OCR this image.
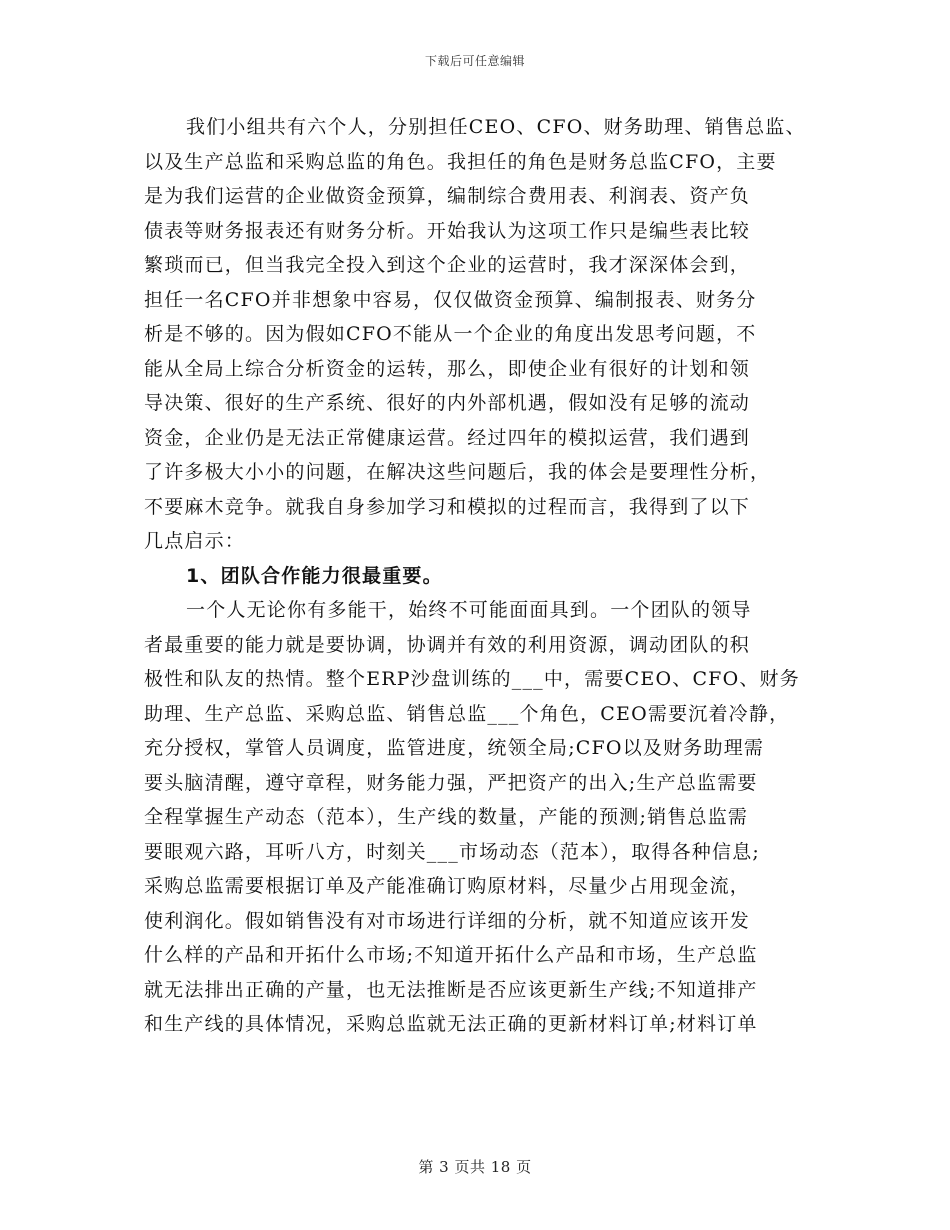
下载后可任意编辑
我们小组共有六个人，分别担任CEO、CFO、财务助理、销售总监、
以及生产总监和采购总监的角色。我担任的角色是财务总监CFO，主要
是为我们运营的企业做资金预算，编制综合费用表、利润表、资产负
债表等财务报表还有财务分析。开始我认为这项工作只是编些表比较
繁琐而已，但当我完全投入到这个企业的运营时，我才深深体会到，
担任一名CFO并非想象中容易，仅仅做资金预算、编制报表、财务分
析是不够的。因为假如CFO不能从一个企业的角度出发思考问题，不
能从全局上综合分析资金的运转，那么，即使企业有很好的计划和领
导决策、很好的生产系统、很好的内外部机遇，假如没有足够的流动
资金，企业仍是无法正常健康运营。经过四年的模拟运营，我们遇到
了许多极大小小的问题，在解决这些问题后，我的体会是要理性分析，
不要麻木竞争。就我自身参加学习和模拟的过程而言，我得到了以下
几点启示：
1、团队合作能力很最重要。
一个人无论你有多能干，始终不可能面面具到。一个团队的领导
者最重要的能力就是要协调，协调并有效的利用资源，调动团队的积
极性和队友的热情。整个ERP沙盘训练的___中，需要CEO、CFO、财务
助理、生产总监、采购总监、销售总监___个角色，CEO需要沉着冷静，
充分授权，掌管人员调度，监管进度，统领全局;CFO以及财务助理需
要头脑清醒，遵守章程，财务能力强，严把资产的出入;生产总监需要
全程掌握生产动态（范本），生产线的数量，产能的预测;销售总监需
要眼观六路，耳听八方，时刻关___市场动态（范本），取得各种信息;
采购总监需要根据订单及产能准确订购原材料，尽量少占用现金流，
使利润化。假如销售没有对市场进行详细的分析，就不知道应该开发
什么样的产品和开拓什么市场;不知道开拓什么产品和市场，生产总监
就无法排出正确的产量，也无法推断是否应该更新生产线;不知道排产
和生产线的具体情况，采购总监就无法正确的更新材料订单;材料订单
第 3 页共 18 页
